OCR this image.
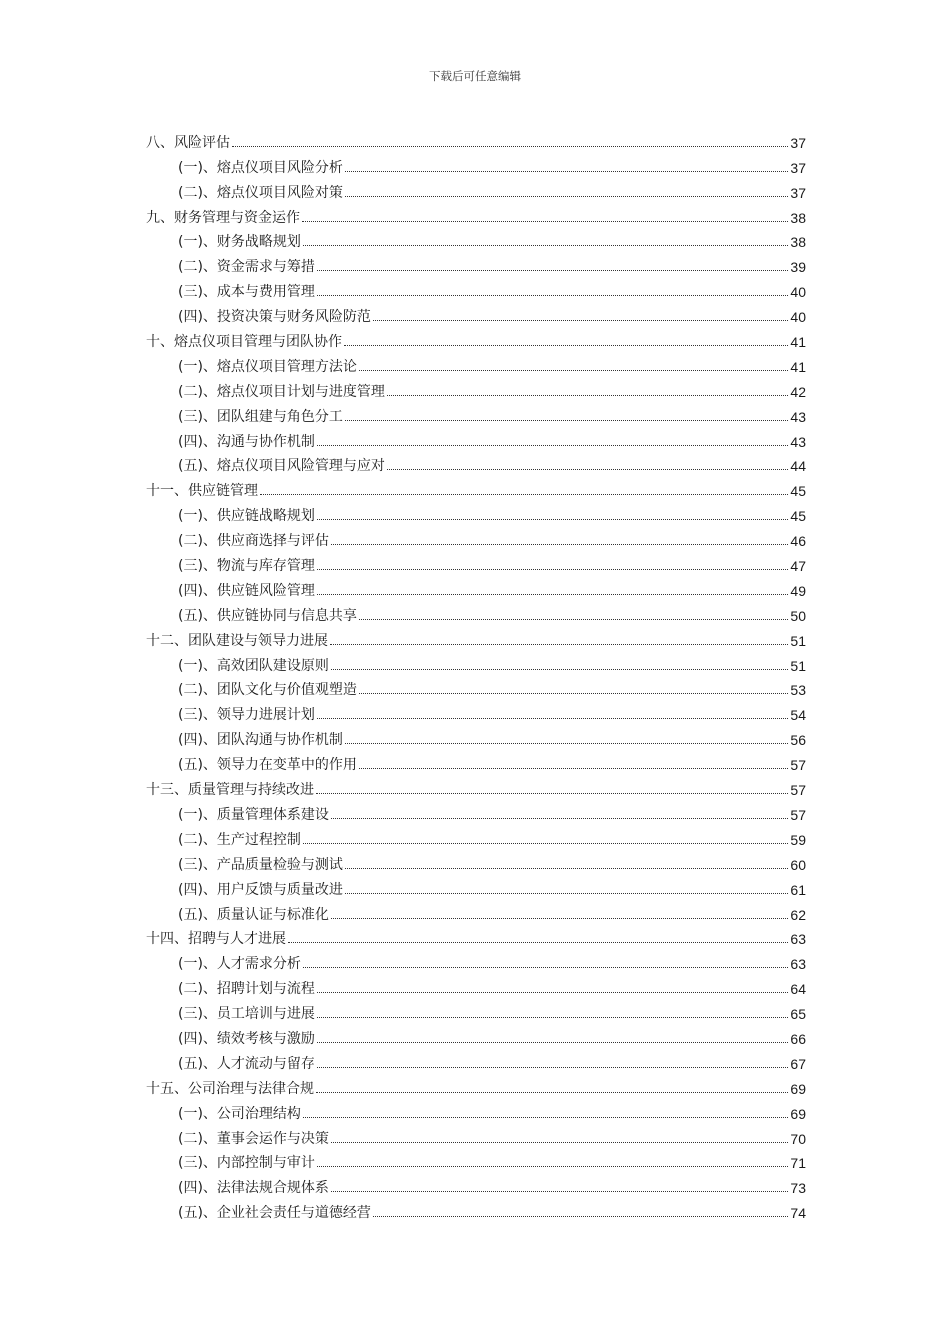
下载后可任意编辑
八、风险评估	37
(一)、熔点仪项目风险分析	37
(二)、熔点仪项目风险对策	37
九、财务管理与资金运作	38
(一)、财务战略规划	38
(二)、资金需求与筹措	39
(三)、成本与费用管理	40
(四)、投资决策与财务风险防范	40
十、熔点仪项目管理与团队协作	41
(一)、熔点仪项目管理方法论	41
(二)、熔点仪项目计划与进度管理	42
(三)、团队组建与角色分工	43
(四)、沟通与协作机制	43
(五)、熔点仪项目风险管理与应对	44
十一、供应链管理	45
(一)、供应链战略规划	45
(二)、供应商选择与评估	46
(三)、物流与库存管理	47
(四)、供应链风险管理	49
(五)、供应链协同与信息共享	50
十二、团队建设与领导力进展	51
(一)、高效团队建设原则	51
(二)、团队文化与价值观塑造	53
(三)、领导力进展计划	54
(四)、团队沟通与协作机制	56
(五)、领导力在变革中的作用	57
十三、质量管理与持续改进	57
(一)、质量管理体系建设	57
(二)、生产过程控制	59
(三)、产品质量检验与测试	60
(四)、用户反馈与质量改进	61
(五)、质量认证与标准化	62
十四、招聘与人才进展	63
(一)、人才需求分析	63
(二)、招聘计划与流程	64
(三)、员工培训与进展	65
(四)、绩效考核与激励	66
(五)、人才流动与留存	67
十五、公司治理与法律合规	69
(一)、公司治理结构	69
(二)、董事会运作与决策	70
(三)、内部控制与审计	71
(四)、法律法规合规体系	73
(五)、企业社会责任与道德经营	74
